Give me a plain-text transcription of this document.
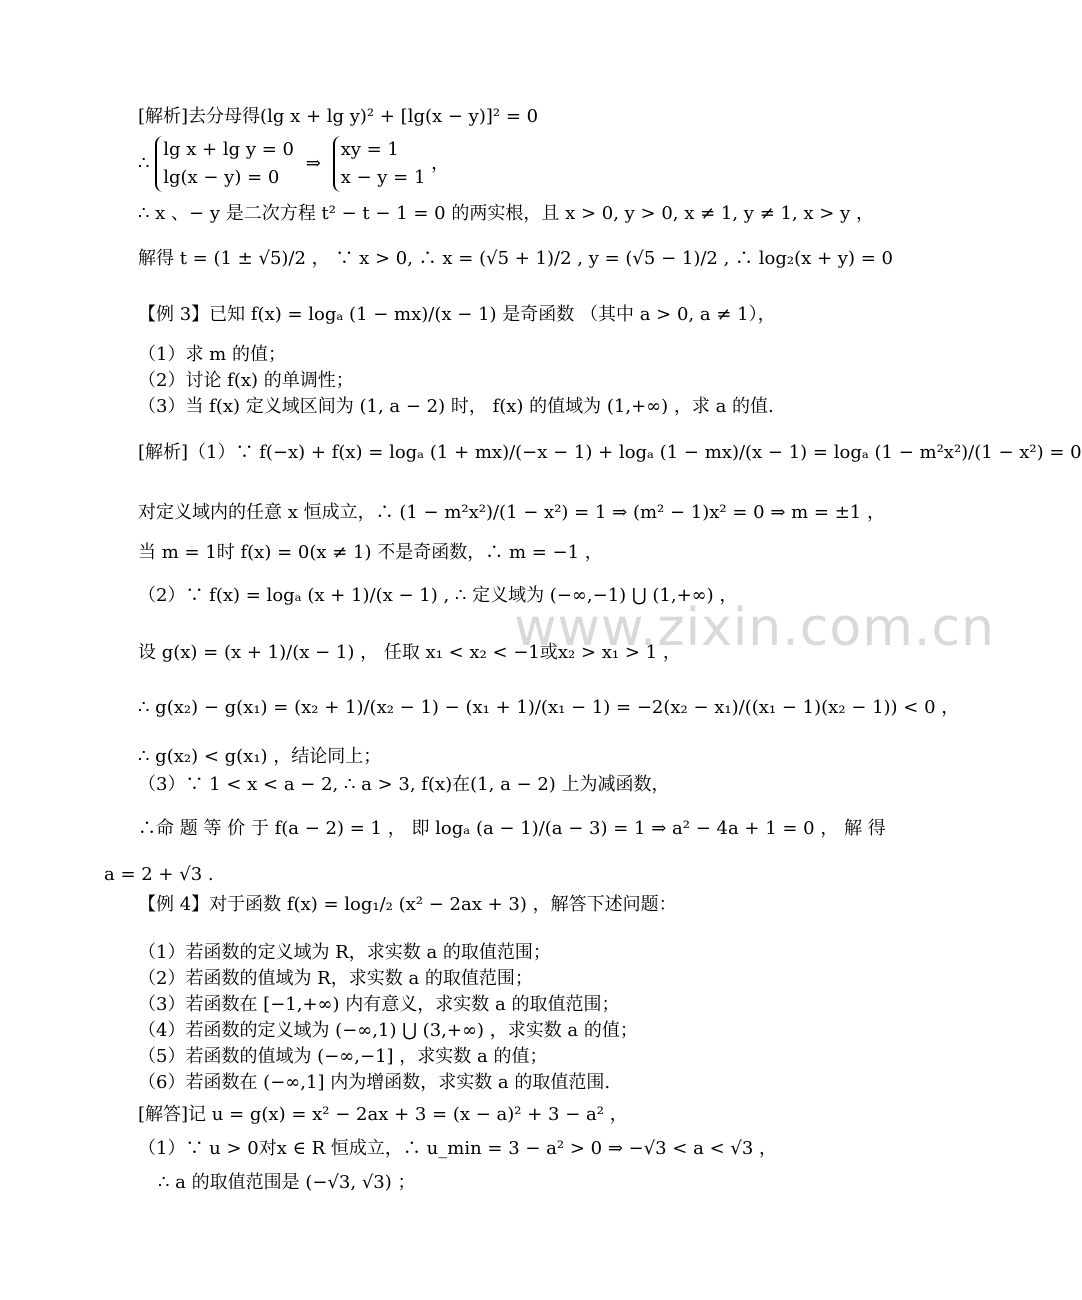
www.zixin.com.cn
[解析]去分母得(lg x + lg y)² + [lg(x − y)]² = 0
∴
lg x + lg y = 0
lg(x − y) = 0
⇒
xy = 1
x − y = 1
，
∴ x 、− y 是二次方程 t² − t − 1 = 0 的两实根，且 x > 0, y > 0, x ≠ 1, y ≠ 1, x > y ，
解得 t = (1 ± √5)/2 ， ∵ x > 0, ∴ x = (√5 + 1)/2 , y = (√5 − 1)/2 , ∴ log₂(x + y) = 0
【例 3】已知 f(x) = logₐ (1 − mx)/(x − 1) 是奇函数 （其中 a > 0, a ≠ 1），
（1）求 m 的值；
（2）讨论 f(x) 的单调性；
（3）当 f(x) 定义域区间为 (1, a − 2) 时， f(x) 的值域为 (1,+∞) ，求 a 的值.
[解析]（1）∵ f(−x) + f(x) = logₐ (1 + mx)/(−x − 1) + logₐ (1 − mx)/(x − 1) = logₐ (1 − m²x²)/(1 − x²) = 0
对定义域内的任意 x 恒成立，∴ (1 − m²x²)/(1 − x²) = 1 ⇒ (m² − 1)x² = 0 ⇒ m = ±1 ，
当 m = 1时 f(x) = 0(x ≠ 1) 不是奇函数，∴ m = −1 ，
（2）∵ f(x) = logₐ (x + 1)/(x − 1) , ∴ 定义域为 (−∞,−1) ⋃ (1,+∞) ，
设 g(x) = (x + 1)/(x − 1) ， 任取 x₁ < x₂ < −1或x₂ > x₁ > 1 ，
∴ g(x₂) − g(x₁) = (x₂ + 1)/(x₂ − 1) − (x₁ + 1)/(x₁ − 1) = −2(x₂ − x₁)/((x₁ − 1)(x₂ − 1)) < 0 ，
∴ g(x₂) < g(x₁) ，结论同上；
（3）∵ 1 < x < a − 2, ∴ a > 3, f(x)在(1, a − 2) 上为减函数，
∴命 题 等 价 于 f(a − 2) = 1 ， 即 logₐ (a − 1)/(a − 3) = 1 ⇒ a² − 4a + 1 = 0 ， 解 得
a = 2 + √3 .
【例 4】对于函数 f(x) = log₁/₂ (x² − 2ax + 3) ，解答下述问题：
（1）若函数的定义域为 R，求实数 a 的取值范围；
（2）若函数的值域为 R，求实数 a 的取值范围；
（3）若函数在 [−1,+∞) 内有意义，求实数 a 的取值范围；
（4）若函数的定义域为 (−∞,1) ⋃ (3,+∞) ，求实数 a 的值；
（5）若函数的值域为 (−∞,−1] ，求实数 a 的值；
（6）若函数在 (−∞,1] 内为增函数，求实数 a 的取值范围.
[解答]记 u = g(x) = x² − 2ax + 3 = (x − a)² + 3 − a² ，
（1）∵ u > 0对x ∈ R 恒成立，∴ u_min = 3 − a² > 0 ⇒ −√3 < a < √3 ，
∴ a 的取值范围是 (−√3, √3) ；
